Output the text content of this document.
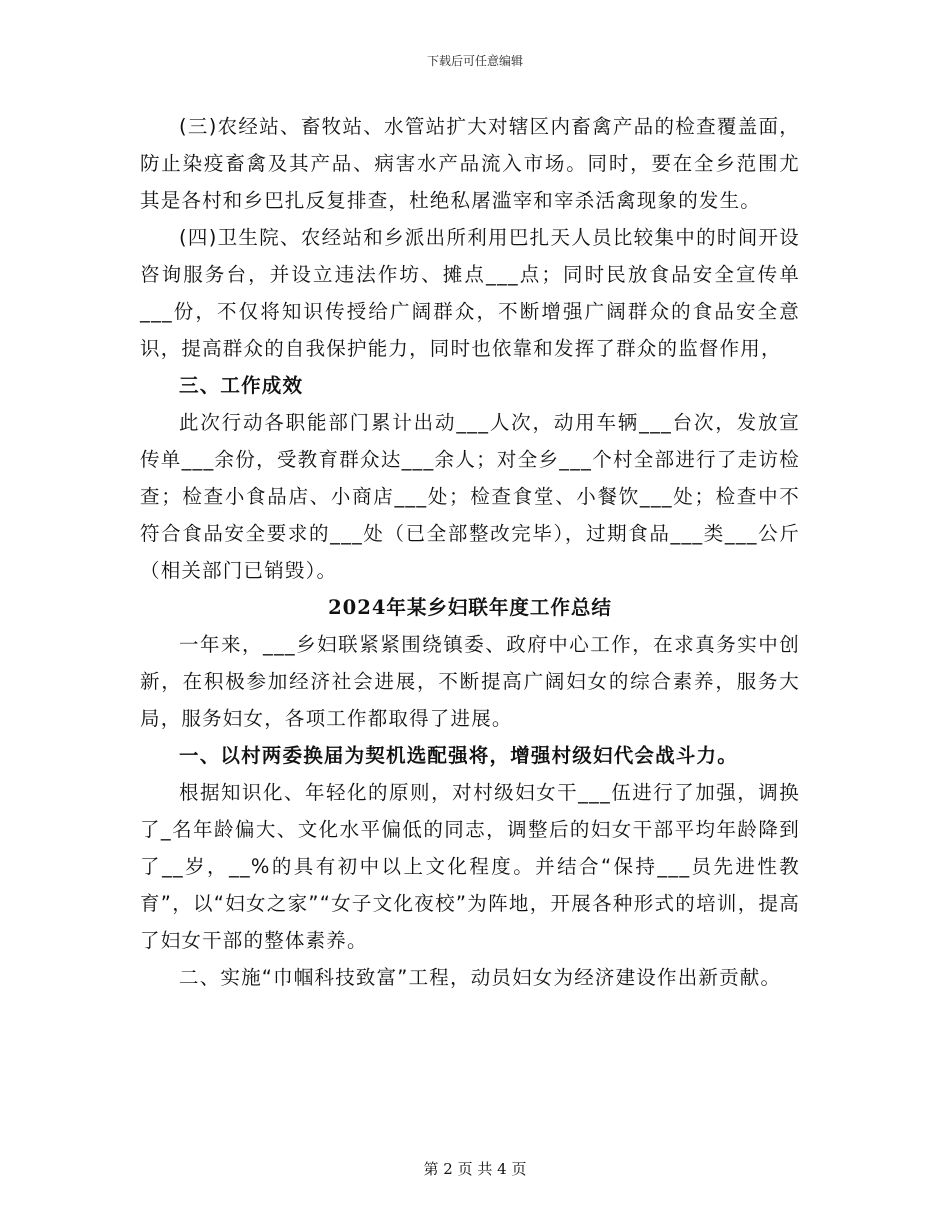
下载后可任意编辑

(三)农经站、畜牧站、水管站扩大对辖区内畜禽产品的检查覆盖面，防止染疫畜禽及其产品、病害水产品流入市场。同时，要在全乡范围尤其是各村和乡巴扎反复排查，杜绝私屠滥宰和宰杀活禽现象的发生。

(四)卫生院、农经站和乡派出所利用巴扎天人员比较集中的时间开设咨询服务台，并设立违法作坊、摊点___点；同时民放食品安全宣传单___份，不仅将知识传授给广阔群众，不断增强广阔群众的食品安全意识，提高群众的自我保护能力，同时也依靠和发挥了群众的监督作用，

三、工作成效

此次行动各职能部门累计出动___人次，动用车辆___台次，发放宣传单___余份，受教育群众达___余人；对全乡___个村全部进行了走访检查；检查小食品店、小商店___处；检查食堂、小餐饮___处；检查中不符合食品安全要求的___处（已全部整改完毕），过期食品___类___公斤（相关部门已销毁）。

2024年某乡妇联年度工作总结

一年来，___乡妇联紧紧围绕镇委、政府中心工作，在求真务实中创新，在积极参加经济社会进展，不断提高广阔妇女的综合素养，服务大局，服务妇女，各项工作都取得了进展。

一、以村两委换届为契机选配强将，增强村级妇代会战斗力。

根据知识化、年轻化的原则，对村级妇女干___伍进行了加强，调换了_名年龄偏大、文化水平偏低的同志，调整后的妇女干部平均年龄降到了__岁，__%的具有初中以上文化程度。并结合“保持___员先进性教育”，以“妇女之家”“女子文化夜校”为阵地，开展各种形式的培训，提高了妇女干部的整体素养。

二、实施“巾帼科技致富”工程，动员妇女为经济建设作出新贡献。

第 2 页 共 4 页
